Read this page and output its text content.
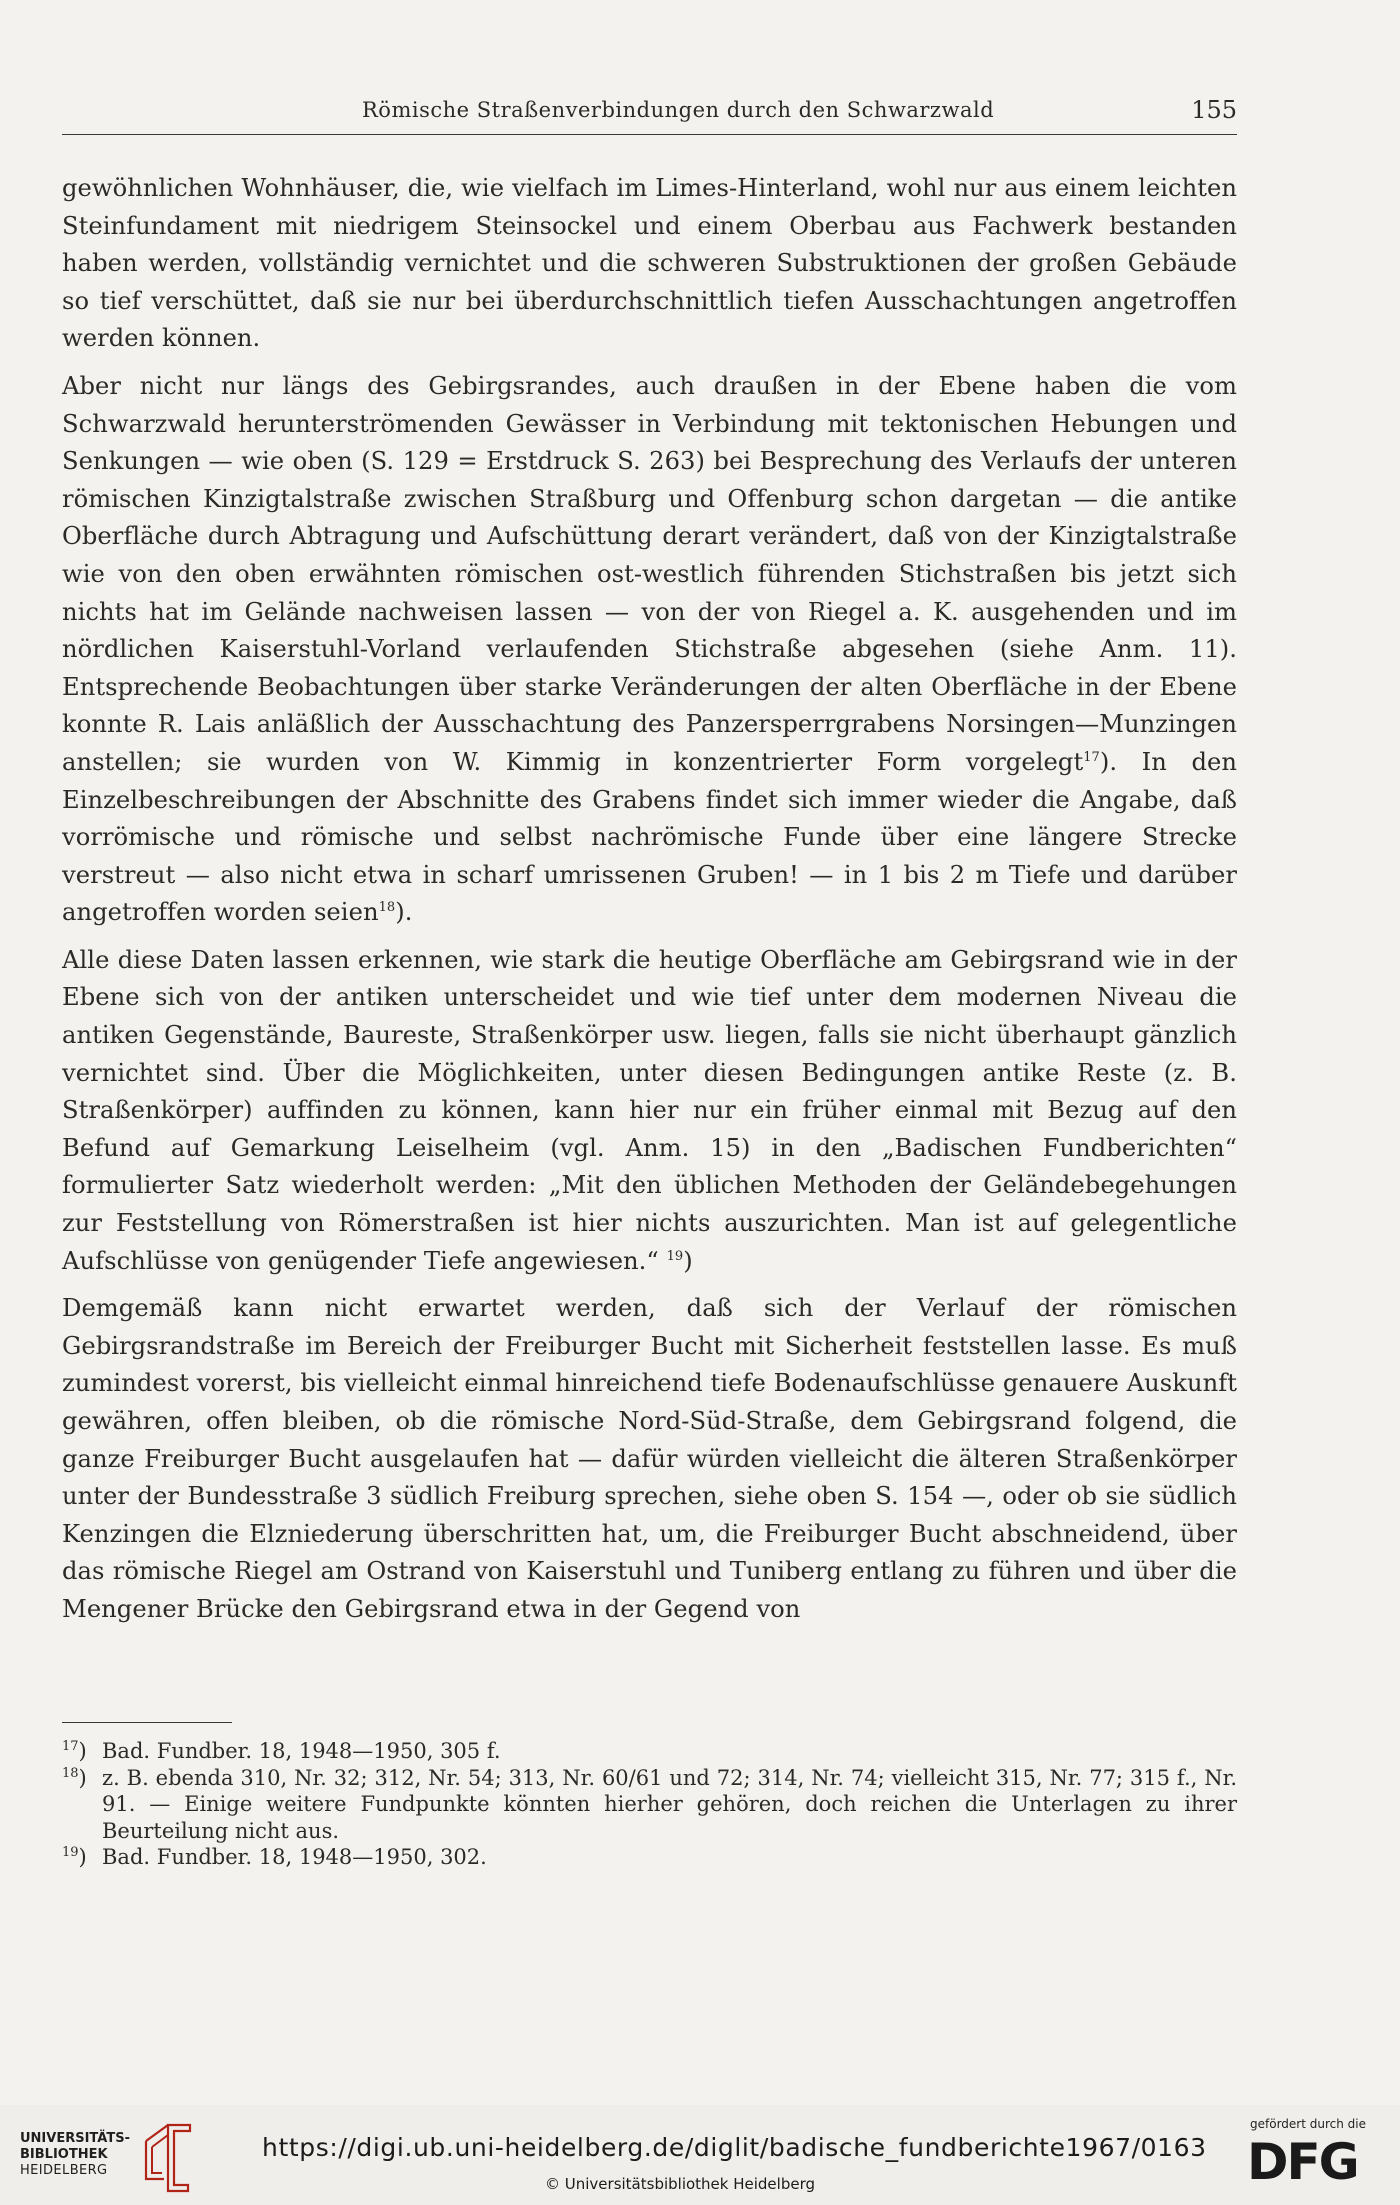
Römische Straßenverbindungen durch den Schwarzwald	155

gewöhnlichen Wohnhäuser, die, wie vielfach im Limes-Hinterland, wohl nur aus einem leichten Steinfundament mit niedrigem Steinsockel und einem Oberbau aus Fachwerk bestanden haben werden, vollständig vernichtet und die schweren Substruktionen der großen Gebäude so tief verschüttet, daß sie nur bei überdurchschnittlich tiefen Ausschachtungen angetroffen werden können.

Aber nicht nur längs des Gebirgsrandes, auch draußen in der Ebene haben die vom Schwarzwald herunterströmenden Gewässer in Verbindung mit tektonischen Hebungen und Senkungen — wie oben (S. 129 = Erstdruck S. 263) bei Besprechung des Verlaufs der unteren römischen Kinzigtalstraße zwischen Straßburg und Offenburg schon dargetan — die antike Oberfläche durch Abtragung und Aufschüttung derart verändert, daß von der Kinzigtalstraße wie von den oben erwähnten römischen ost-westlich führenden Stichstraßen bis jetzt sich nichts hat im Gelände nachweisen lassen — von der von Riegel a. K. ausgehenden und im nördlichen Kaiserstuhl-Vorland verlaufenden Stichstraße abgesehen (siehe Anm. 11). Entsprechende Beobachtungen über starke Veränderungen der alten Oberfläche in der Ebene konnte R. Lais anläßlich der Ausschachtung des Panzersperrgrabens Norsingen—Munzingen anstellen; sie wurden von W. Kimmig in konzentrierter Form vorgelegt$^{17}$). In den Einzelbeschreibungen der Abschnitte des Grabens findet sich immer wieder die Angabe, daß vorrömische und römische und selbst nachrömische Funde über eine längere Strecke verstreut — also nicht etwa in scharf umrissenen Gruben! — in 1 bis 2 m Tiefe und darüber angetroffen worden seien$^{18}$).

Alle diese Daten lassen erkennen, wie stark die heutige Oberfläche am Gebirgsrand wie in der Ebene sich von der antiken unterscheidet und wie tief unter dem modernen Niveau die antiken Gegenstände, Baureste, Straßenkörper usw. liegen, falls sie nicht überhaupt gänzlich vernichtet sind. Über die Möglichkeiten, unter diesen Bedingungen antike Reste (z. B. Straßenkörper) auffinden zu können, kann hier nur ein früher einmal mit Bezug auf den Befund auf Gemarkung Leiselheim (vgl. Anm. 15) in den „Badischen Fundberichten“ formulierter Satz wiederholt werden: „Mit den üblichen Methoden der Geländebegehungen zur Feststellung von Römerstraßen ist hier nichts auszurichten. Man ist auf gelegentliche Aufschlüsse von genügender Tiefe angewiesen.“ $^{19}$)

Demgemäß kann nicht erwartet werden, daß sich der Verlauf der römischen Gebirgsrandstraße im Bereich der Freiburger Bucht mit Sicherheit feststellen lasse. Es muß zumindest vorerst, bis vielleicht einmal hinreichend tiefe Bodenaufschlüsse genauere Auskunft gewähren, offen bleiben, ob die römische Nord-Süd-Straße, dem Gebirgsrand folgend, die ganze Freiburger Bucht ausgelaufen hat — dafür würden vielleicht die älteren Straßenkörper unter der Bundesstraße 3 südlich Freiburg sprechen, siehe oben S. 154 —, oder ob sie südlich Kenzingen die Elzniederung überschritten hat, um, die Freiburger Bucht abschneidend, über das römische Riegel am Ostrand von Kaiserstuhl und Tuniberg entlang zu führen und über die Mengener Brücke den Gebirgsrand etwa in der Gegend von

$^{17}$) Bad. Fundber. 18, 1948—1950, 305 f.
$^{18}$) z. B. ebenda 310, Nr. 32; 312, Nr. 54; 313, Nr. 60/61 und 72; 314, Nr. 74; vielleicht 315, Nr. 77; 315 f., Nr. 91. — Einige weitere Fundpunkte könnten hierher gehören, doch reichen die Unterlagen zu ihrer Beurteilung nicht aus.
$^{19}$) Bad. Fundber. 18, 1948—1950, 302.
UNIVERSITÄTS-
BIBLIOTHEK
HEIDELBERG
https://digi.ub.uni-heidelberg.de/diglit/badische_fundberichte1967/0163
© Universitätsbibliothek Heidelberg
gefördert durch die
DFG
